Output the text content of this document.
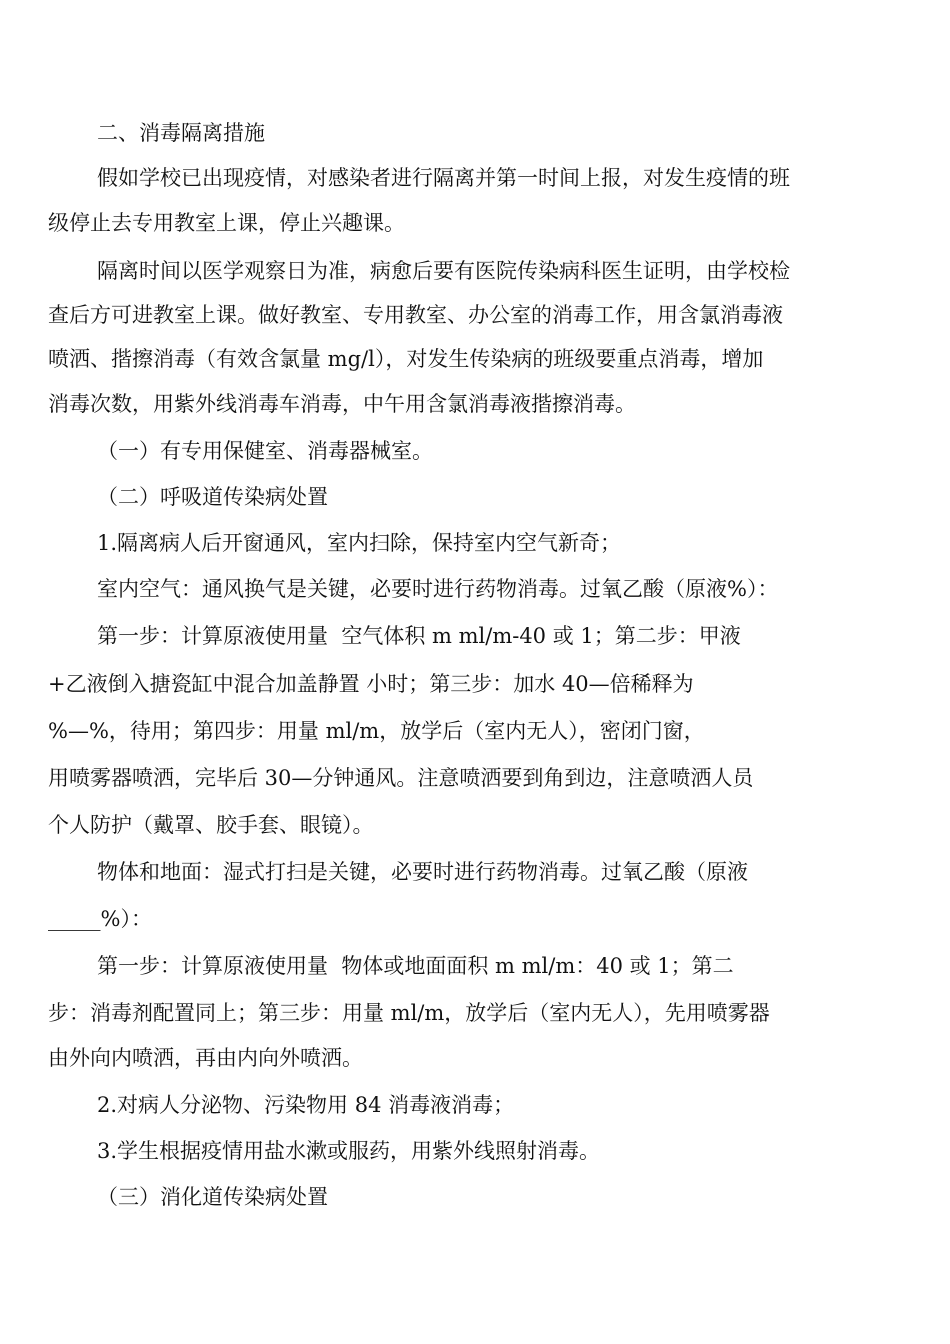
二、消毒隔离措施
假如学校已出现疫情，对感染者进行隔离并第一时间上报，对发生疫情的班
级停止去专用教室上课，停止兴趣课。
隔离时间以医学观察日为准，病愈后要有医院传染病科医生证明，由学校检
查后方可进教室上课。做好教室、专用教室、办公室的消毒工作，用含氯消毒液
喷洒、揩擦消毒（有效含氯量 mg/l），对发生传染病的班级要重点消毒，增加
消毒次数，用紫外线消毒车消毒，中午用含氯消毒液揩擦消毒。
（一）有专用保健室、消毒器械室。
（二）呼吸道传染病处置
1.隔离病人后开窗通风，室内扫除，保持室内空气新奇；
室内空气：通风换气是关键，必要时进行药物消毒。过氧乙酸（原液%）：
第一步：计算原液使用量  空气体积 m ml/m-40 或 1；第二步：甲液
+乙液倒入搪瓷缸中混合加盖静置 小时；第三步：加水 40—倍稀释为
%—%，待用；第四步：用量 ml/m，放学后（室内无人），密闭门窗，
用喷雾器喷洒，完毕后 30—分钟通风。注意喷洒要到角到边，注意喷洒人员
个人防护（戴罩、胶手套、眼镜）。
物体和地面：湿式打扫是关键，必要时进行药物消毒。过氧乙酸（原液
_____%）：
第一步：计算原液使用量  物体或地面面积 m ml/m：40 或 1；第二
步：消毒剂配置同上；第三步：用量 ml/m，放学后（室内无人），先用喷雾器
由外向内喷洒，再由内向外喷洒。
2.对病人分泌物、污染物用 84 消毒液消毒；
3.学生根据疫情用盐水漱或服药，用紫外线照射消毒。
（三）消化道传染病处置
